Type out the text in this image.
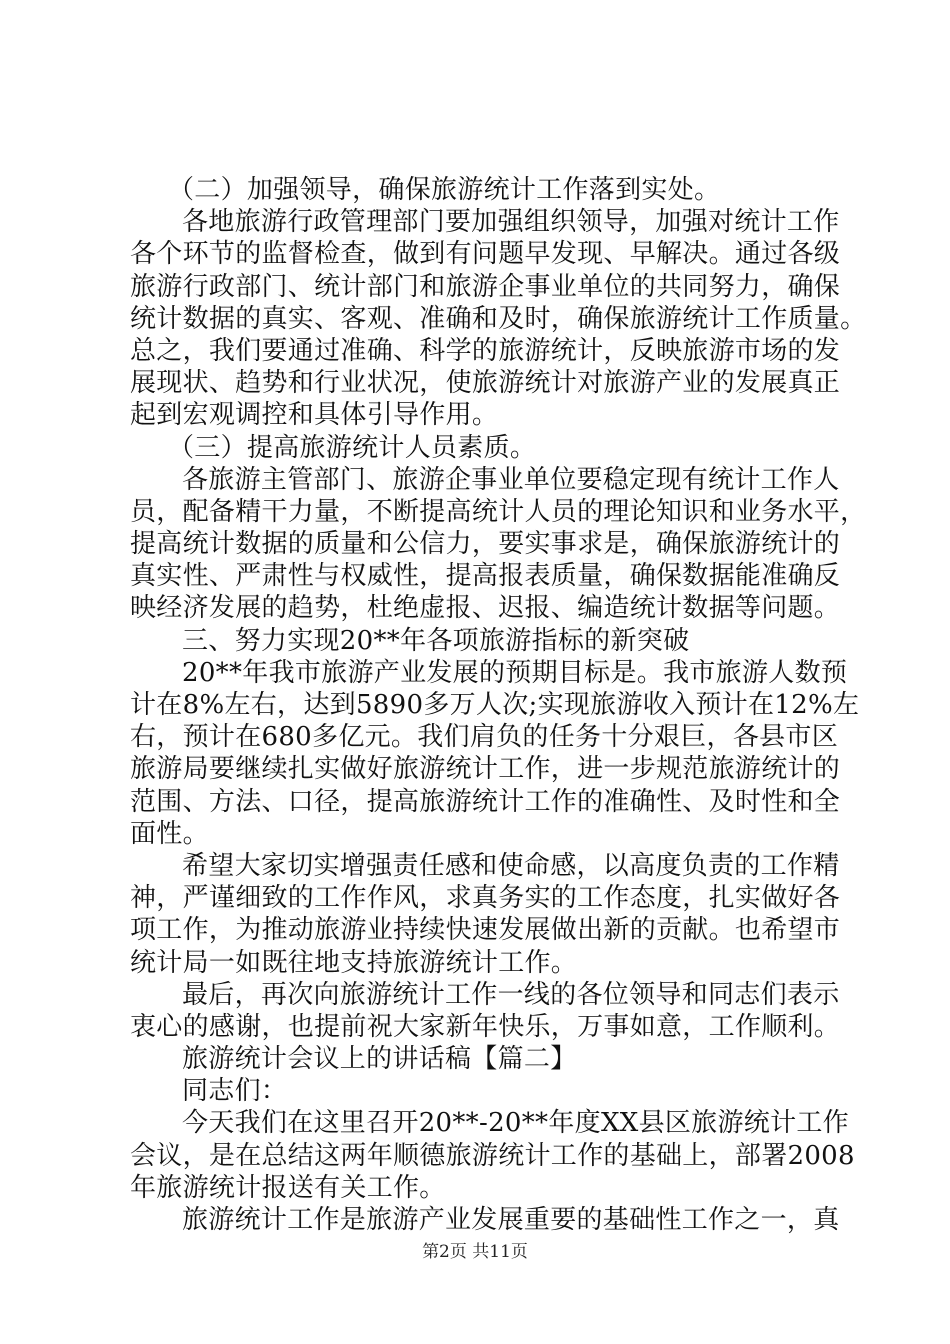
（二）加强领导，确保旅游统计工作落到实处。
各地旅游行政管理部门要加强组织领导，加强对统计工作
各个环节的监督检查，做到有问题早发现、早解决。通过各级
旅游行政部门、统计部门和旅游企事业单位的共同努力，确保
统计数据的真实、客观、准确和及时，确保旅游统计工作质量。
总之，我们要通过准确、科学的旅游统计，反映旅游市场的发
展现状、趋势和行业状况，使旅游统计对旅游产业的发展真正
起到宏观调控和具体引导作用。
（三）提高旅游统计人员素质。
各旅游主管部门、旅游企事业单位要稳定现有统计工作人
员，配备精干力量，不断提高统计人员的理论知识和业务水平，
提高统计数据的质量和公信力，要实事求是，确保旅游统计的
真实性、严肃性与权威性，提高报表质量，确保数据能准确反
映经济发展的趋势，杜绝虚报、迟报、编造统计数据等问题。
三、努力实现20**年各项旅游指标的新突破
20**年我市旅游产业发展的预期目标是。我市旅游人数预
计在8%左右，达到5890多万人次;实现旅游收入预计在12%左
右，预计在680多亿元。我们肩负的任务十分艰巨，各县市区
旅游局要继续扎实做好旅游统计工作，进一步规范旅游统计的
范围、方法、口径，提高旅游统计工作的准确性、及时性和全
面性。
希望大家切实增强责任感和使命感，以高度负责的工作精
神，严谨细致的工作作风，求真务实的工作态度，扎实做好各
项工作，为推动旅游业持续快速发展做出新的贡献。也希望市
统计局一如既往地支持旅游统计工作。
最后，再次向旅游统计工作一线的各位领导和同志们表示
衷心的感谢，也提前祝大家新年快乐，万事如意，工作顺利。
旅游统计会议上的讲话稿【篇二】
同志们：
今天我们在这里召开20**-20**年度XX县区旅游统计工作
会议，是在总结这两年顺德旅游统计工作的基础上，部署2008
年旅游统计报送有关工作。
旅游统计工作是旅游产业发展重要的基础性工作之一，真
第2页 共11页
